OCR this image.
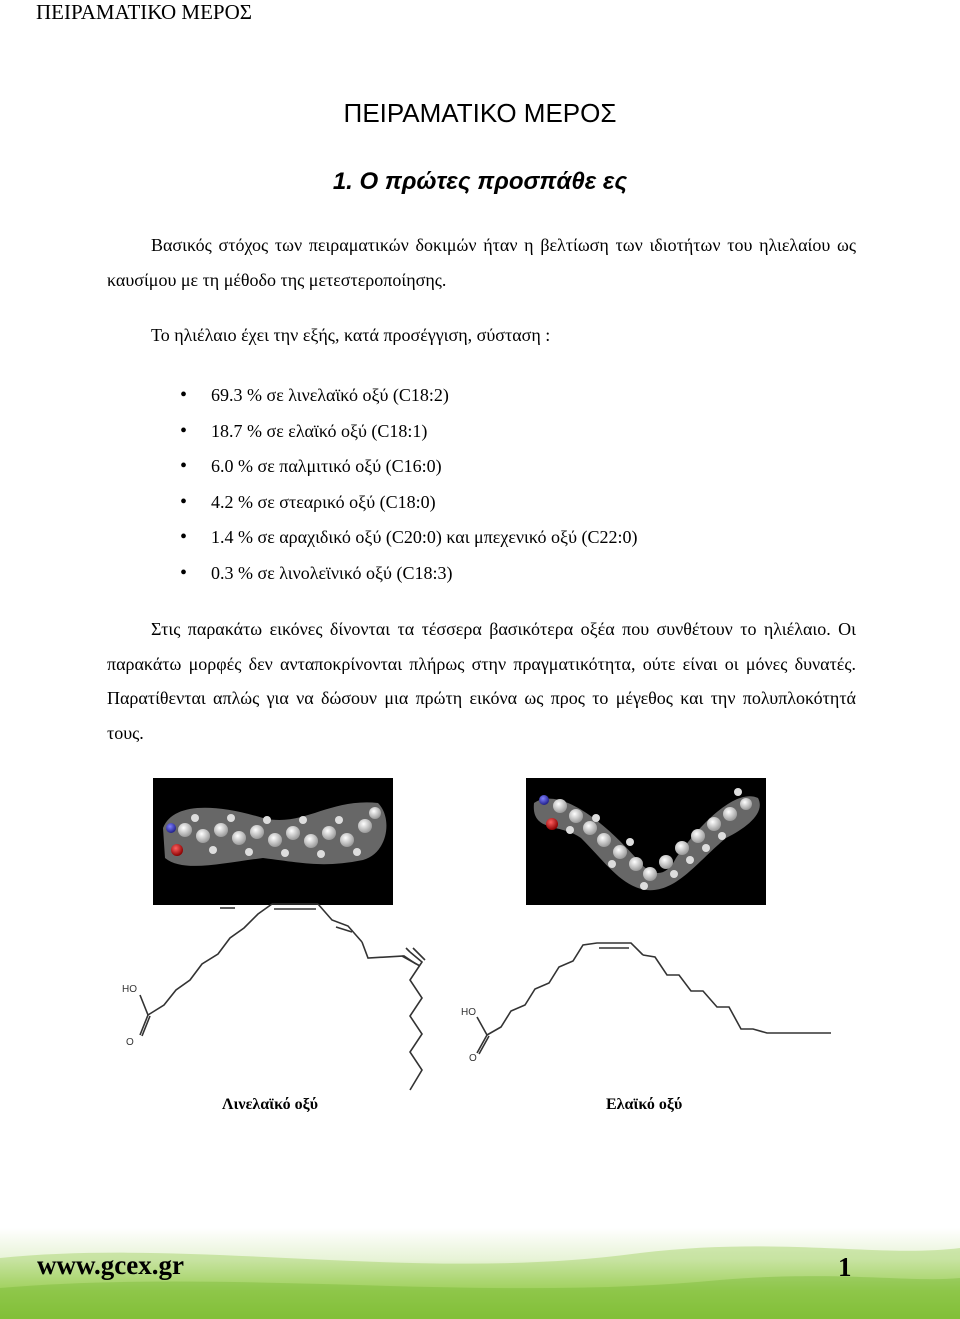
ΠΕΙΡΑΜΑΤΙΚΟ ΜΕΡΟΣ
ΠΕΙΡΑΜΑΤΙΚΟ ΜΕΡΟΣ
1. Ο πρώτες προσπάθε ες

Βασικός στόχος των πειραματικών δοκιμών ήταν η βελτίωση των ιδιοτήτων του ηλιελαίου ως καυσίμου με τη μέθοδο της μετεστεροποίησης.

Το ηλιέλαιο έχει την εξής, κατά προσέγγιση, σύσταση :

• 69.3 % σε λινελαϊκό οξύ (C18:2)
• 18.7 % σε ελαϊκό οξύ (C18:1)
• 6.0 % σε παλμιτικό οξύ (C16:0)
• 4.2 % σε στεαρικό οξύ (C18:0)
• 1.4 % σε αραχιδικό οξύ (C20:0) και μπεχενικό οξύ (C22:0)
• 0.3 % σε λινολεϊνικό οξύ (C18:3)

Στις παρακάτω εικόνες δίνονται τα τέσσερα βασικότερα οξέα που συνθέτουν το ηλιέλαιο. Οι παρακάτω μορφές δεν ανταποκρίνονται πλήρως στην πραγματικότητα, ούτε είναι οι μόνες δυνατές. Παρατίθενται απλώς για να δώσουν μια πρώτη εικόνα ως προς το μέγεθος και την πολυπλοκότητά τους.

HO
O
HO
O
Λινελαϊκό οξύ	Ελαϊκό οξύ
www.gcex.gr	1
